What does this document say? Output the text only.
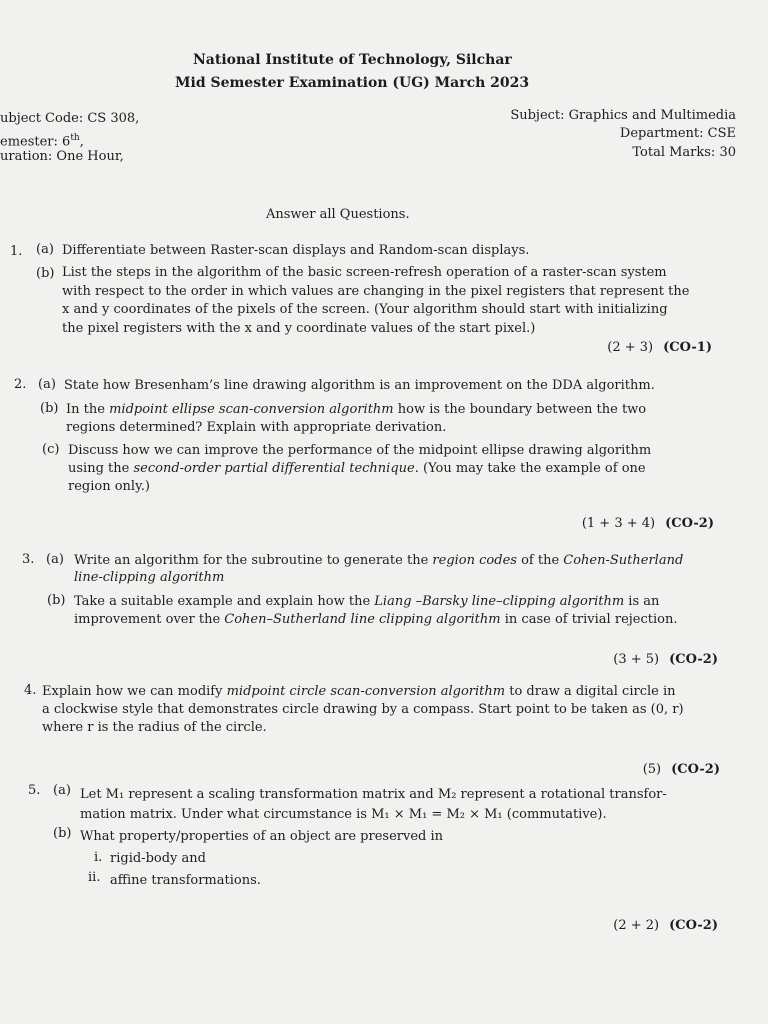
National Institute of Technology, Silchar
Mid Semester Examination (UG) March 2023
ubject Code: CS 308,
emester: 6th,
uration: One Hour,
Subject: Graphics and Multimedia
Department: CSE
Total Marks: 30
Answer all Questions.
1. (a) Differentiate between Raster-scan displays and Random-scan displays.
(b) List the steps in the algorithm of the basic screen-refresh operation of a raster-scan system
with respect to the order in which values are changing in the pixel registers that represent the
x and y coordinates of the pixels of the screen. (Your algorithm should start with initializing
the pixel registers with the x and y coordinate values of the start pixel.)
(2 + 3) (CO-1)
2. (a) State how Bresenham’s line drawing algorithm is an improvement on the DDA algorithm.
(b) In the midpoint ellipse scan-conversion algorithm how is the boundary between the two
regions determined? Explain with appropriate derivation.
(c) Discuss how we can improve the performance of the midpoint ellipse drawing algorithm
using the second-order partial differential technique. (You may take the example of one
region only.)
(1 + 3 + 4) (CO-2)
3. (a) Write an algorithm for the subroutine to generate the region codes of the Cohen-Sutherland
line-clipping algorithm
(b) Take a suitable example and explain how the Liang –Barsky line–clipping algorithm is an
improvement over the Cohen–Sutherland line clipping algorithm in case of trivial rejection.
(3 + 5) (CO-2)
4. Explain how we can modify midpoint circle scan-conversion algorithm to draw a digital circle in
a clockwise style that demonstrates circle drawing by a compass. Start point to be taken as (0, r)
where r is the radius of the circle.
(5) (CO-2)
5. (a) Let M₁ represent a scaling transformation matrix and M₂ represent a rotational transfor-
mation matrix. Under what circumstance is M₁ × M₁ = M₂ × M₁ (commutative).
(b) What property/properties of an object are preserved in
i. rigid-body and
ii. affine transformations.
(2 + 2) (CO-2)
